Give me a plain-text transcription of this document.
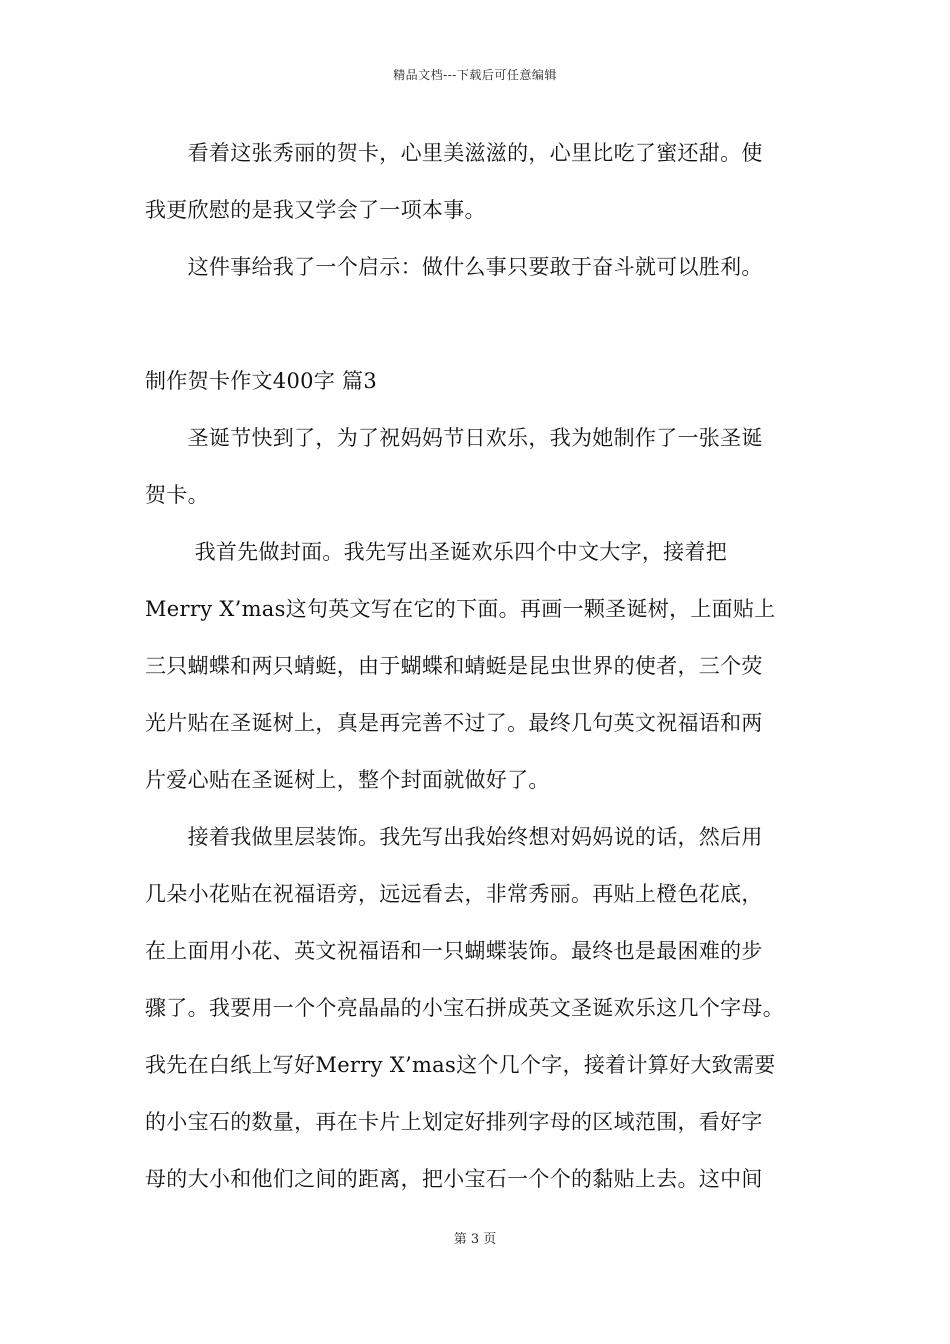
精品文档---下载后可任意编辑
　　看着这张秀丽的贺卡，心里美滋滋的，心里比吃了蜜还甜。使
我更欣慰的是我又学会了一项本事。
　　这件事给我了一个启示：做什么事只要敢于奋斗就可以胜利。
制作贺卡作文400字 篇3
　　圣诞节快到了，为了祝妈妈节日欢乐，我为她制作了一张圣诞
贺卡。
　　 我首先做封面。我先写出圣诞欢乐四个中文大字，接着把
Merry X’mas这句英文写在它的下面。再画一颗圣诞树，上面贴上
三只蝴蝶和两只蜻蜓，由于蝴蝶和蜻蜓是昆虫世界的使者，三个荧
光片贴在圣诞树上，真是再完善不过了。最终几句英文祝福语和两
片爱心贴在圣诞树上，整个封面就做好了。
　　接着我做里层装饰。我先写出我始终想对妈妈说的话，然后用
几朵小花贴在祝福语旁，远远看去，非常秀丽。再贴上橙色花底，
在上面用小花、英文祝福语和一只蝴蝶装饰。最终也是最困难的步
骤了。我要用一个个亮晶晶的小宝石拼成英文圣诞欢乐这几个字母。
我先在白纸上写好Merry X’mas这个几个字，接着计算好大致需要
的小宝石的数量，再在卡片上划定好排列字母的区域范围，看好字
母的大小和他们之间的距离，把小宝石一个个的黏贴上去。这中间
第 3 页
